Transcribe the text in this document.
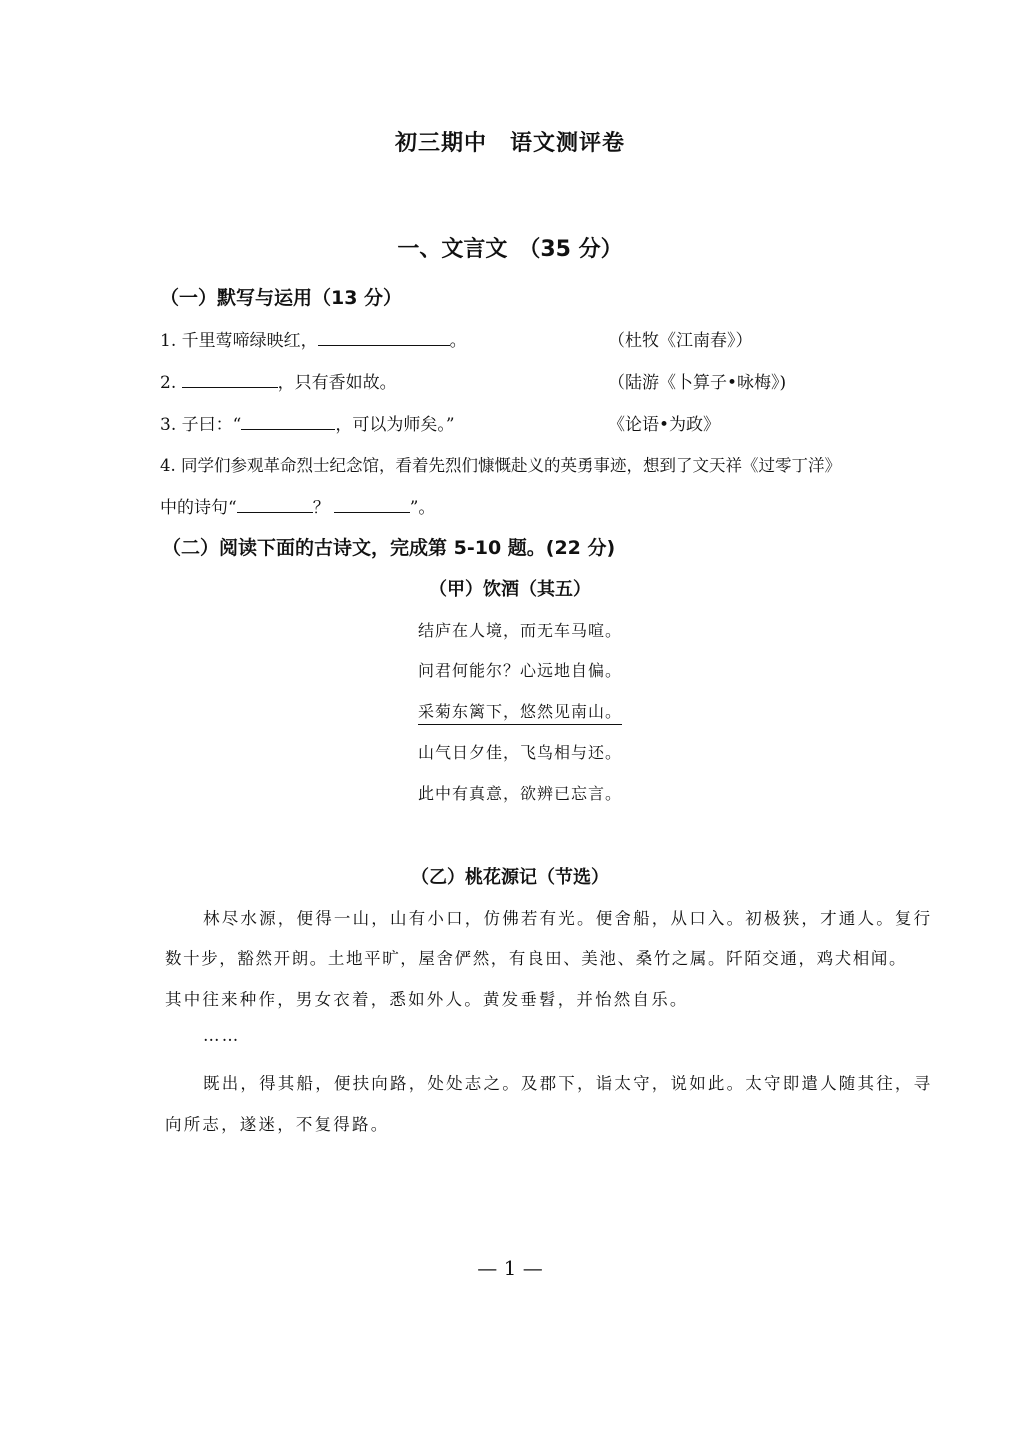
初三期中　语文测评卷
一、文言文　（35 分）
（一）默写与运用（13 分）
1. 千里莺啼绿映红，	。	（杜牧《江南春》）
2.	，只有香如故。	（陆游《卜算子•咏梅》)
3. 子曰：“	，可以为师矣。”	《论语•为政》
4. 同学们参观革命烈士纪念馆，看着先烈们慷慨赴义的英勇事迹，想到了文天祥《过零丁洋》
中的诗句“	？	”。
（二）阅读下面的古诗文，完成第 5-10 题。(22 分)
（甲）饮酒（其五）
结庐在人境，而无车马喧。
问君何能尔？心远地自偏。
采菊东篱下，悠然见南山。
山气日夕佳，飞鸟相与还。
此中有真意，欲辨已忘言。
（乙）桃花源记（节选）
林尽水源，便得一山，山有小口，仿佛若有光。便舍船，从口入。初极狭，才通人。复行
数十步，豁然开朗。土地平旷，屋舍俨然，有良田、美池、桑竹之属。阡陌交通，鸡犬相闻。
其中往来种作，男女衣着，悉如外人。黄发垂髫，并怡然自乐。
……
既出，得其船，便扶向路，处处志之。及郡下，诣太守，说如此。太守即遣人随其往，寻
向所志，遂迷，不复得路。
— 1 —
